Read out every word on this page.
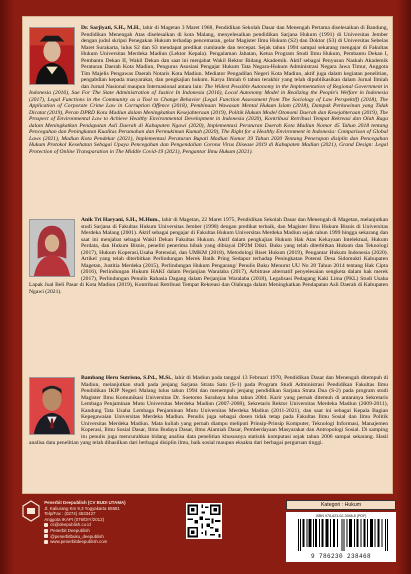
Dr. Sarjiyati, S.H., M.H., lahir di Magetan 3 Maret 1968, Pendidikan Sekolah Dasar dan Menengah Pertama diselesaikan di Bandung, Pendidikan Menengah Atas diselesaikan di kota Malang, menyelesaikan pendidikan Sarjana Hukum (1991) di Universitas Jember dengan judul skripsi Penegakan Hukum terhadap pencemaran, gelar Magister Ilmu Hukum (S2) dan Doktor (S3) di Universitas Sebelas Maret Surakarta, lulus S2 dan S3 mendapat predikat cumlaude dan tercepat. Sejak tahun 1994 sampai sekarang mengajar di Fakultas Hukum Universitas Merdeka Madiun (Lektor Kepala). Pengalaman Jabatan, Ketua Program Studi Ilmu Hukum, Pembantu Dekan I, Pembantu Dekan II, Wakil Dekan dan saat ini menjabat Wakil Rektor Bidang Akademik. Aktif sebagai Penyusun Naskah Akademik Peraturan Daerah Kota Madiun, Pengurus Asosiasi Pengajar Hukum Tata Negara-Hukum Administrasi Negara Jawa Timur, Anggota Tim Majelis Pengawas Daerah Notaris Kota Madiun. Mediator Pengadilan Negeri Kota Madiun, aktif juga dalam kegiatan penelitian, pengabdian kepada masyarakat, dan pengkajian hukum. Karya Ilmiah 6 tahun terakhir yang telah dipublikasikan dalam Jurnal Ilmiah dan Jurnal Nasional maupun Internasional antara lain: The Widest Possible Autonomy in the Implementation of Regional Government in Indonesia (2016), Sue For The State Administration of Justice In Indonesia (2016), Local Autonomy Model in Realizing the People's Welfare in Indonesia (2017), Legal Functions in the Community as a Tool to Change Behavior (Legal Function Assessment from The Sociology of Law Perspektif) (2018), The Application of Corporate Crime Law in Corruption Offence (2018), Pembinaan Wawasan Mental Hukum Islam (2018), Dampak Perkawinan yang Tidak Dicatat (2019), Peran DPRD Kota Madiun dalam Meningkatkan Kesejahteraan (2019), Politik Hukum Model Otonomi Daerah dan Kesejahteraan (2019), The Prospect of Environmental Law to Achieve Healthy Environmental Development in Indonesia (2020), Kontribusi Retribusi Tempat Rekreasi dan Olah Raga dalam Meningkatkan Pendapatan Asli Daerah di Kabupaten Ngawi (2020), Implementasi Peraturan Daerah Kota Madiun Nomor 45 Tahun 2018 tentang Pencegahan dan Peningkatan Kualitas Perumahan dan Permukiman Kumuh (2020), The Right for a Healthy Environment in Indonesia: Comparison of Global Laws (2021), Madiun Kota Pendekar (2021), Implementasi Peraturan Bupati Madiun Nomor 39 Tahun 2020 Tentang Penerapan disiplin dan Pencegahan Hukum Protokol Kesehatan Sebagai Upaya Pencegahan dan Pengendalian Corona Virus Disease 2019 di Kabupaten Madiun (2021), Grand Design: Legal Protection of Online Transparation in The Middle Covid-19 (2021), Pengantar Ilmu Hukum (2021).
Anik Tri Haryani, S.H., M.Hum., lahir di Magetan, 22 Maret 1975, Pendidikan Sekolah Dasar dan Menengah di Magetan, melanjutkan studi Sarjana di Fakultas Hukum Universitas Jember (1998) dengan predikat terbaik, dan Magister Ilmu Hukum Bisnis di Universitas Merdeka Malang (2001). Aktif sebagai pengajar di Fakultas Hukum Universitas Merdeka Madiun sejak tahun 1999 hingga sekarang dan saat ini menjabat sebagai Wakil Dekan Fakultas Hukum. Aktif dalam pengkajian Hukum Hak Atas Kekayaan Intelektual, Hukum Perdata, dan Hukum Bisnis, peneliti penerima hibah yang dibiayai DP2M Dikti. Buku yang telah diterbitkan Hukum dan Teknologi (2017), Hukum Koperasi,Usaha Potensial, dan UMKM (2018), Metodologi Riset Hukum (2019), Pengantar Hukum Indonesia (2020). Artikel yang telah diterbitkan Perlindungan Merek Batik Pring Sedapur terhadap Peningkatan Potensi Desa Sidomukti Kabupaten Magetan, Justitia Merdeka (2015), Perlindungan Hukum Pengarang/ Penulis Buku Menurut UU No 28 Tahun 2014 tentang Hak Cipta (2016), Perlindungan Hukum HAKI dalam Perjanjian Waralaba (2017), Arbitrase alternatif penyelesaian sengketa dalam hak merek (2017), Perlindungan Penulis Rahasia Dagang dalam Perjanjian Waralaba (2018), Legalisasi Pedagang Kaki Lima (PKL) Studi Usaha Lapak Jual Beli Pasar di Kota Madiun (2019), Kontribusi Retribusi Tempat Rekreasi dan Olahraga dalam Meningkatkan Pendapatan Asli Daerah di Kabupaten Ngawi (2021).
Bambang Heru Sutrisno, S.Pd., M.Si., lahir di Madiun pada tanggal 13 Februari 1970, Pendidikan Dasar dan Menengah ditempuh di Madiun, melanjutkan studi pada jenjang Sarjana Strata Satu (S-1) pada Program Studi Administrasi Pendidikan Fakultas Ilmu Pendidikan IKIP Negeri Malang lulus tahun 1994 dan menempuh jenjang pendidikan Sarjana Strata Dua (S-2) pada program studi Magister Ilmu Komunikasi Universitas Dr. Soetomo Surabaya lulus tahun 2004. Karir yang pernah ditemuh di antaranya Sekretaris Lembaga Penjaminan Mutu Universitas Merdeka Madiun (2007-2008), Sekretaris Rektor Universitas Merdeka Madiun (2009-2011), Kandung Tata Usaha Lembaga Penjaminan Mutu Universitas Merdeka Madiun (2011-2021), dan saat ini sebagai Kepala Bagian Kepegawaian Universitas Merdeka Madiun. Penulis juga sebagai dosen tidak tetap pada Fakultas Ilmu Sosial dan Ilmu Politik Universitas Merdeka Madiun. Mata kuliah yang pernah diampu meliputi Prinsip-Prinsip Komputer, Teknologi Informasi, Manajemen Koperasi, Ilmu Sosial Dasar, Ilmu Budaya Dasar, Ilmu Alamiah Dasar, Pemberdayaan Masyarakat dan Antropologi Sosial. Di samping itu penulis juga mencurahkan bidang analisa data penelitian khususnya statistik komputasi sejak tahun 2006 sampai sekarang. Hasil analisa data penelitian yang telah dihasilkan dari berbagai disiplin ilmu, baik sosial maupun eksakta dari berbagai perguruan tinggi.
Penerbit Deepublish (CV BUDI UTAMA)
Jl. Kaliurang Km 9,3 Yogyakarta 55581
Telp/Fax : (0274) 4533427
Anggota IKAPI (076/DIY/2012)
cs@deepublish.co.id
Penerbit Deepublish
@penerbitbuku_deepublish
www.penerbitdeepublish.com
Kategori : Hukum
ISBN 978-623-02-3948-8 (PDF)
9 786230 238468
